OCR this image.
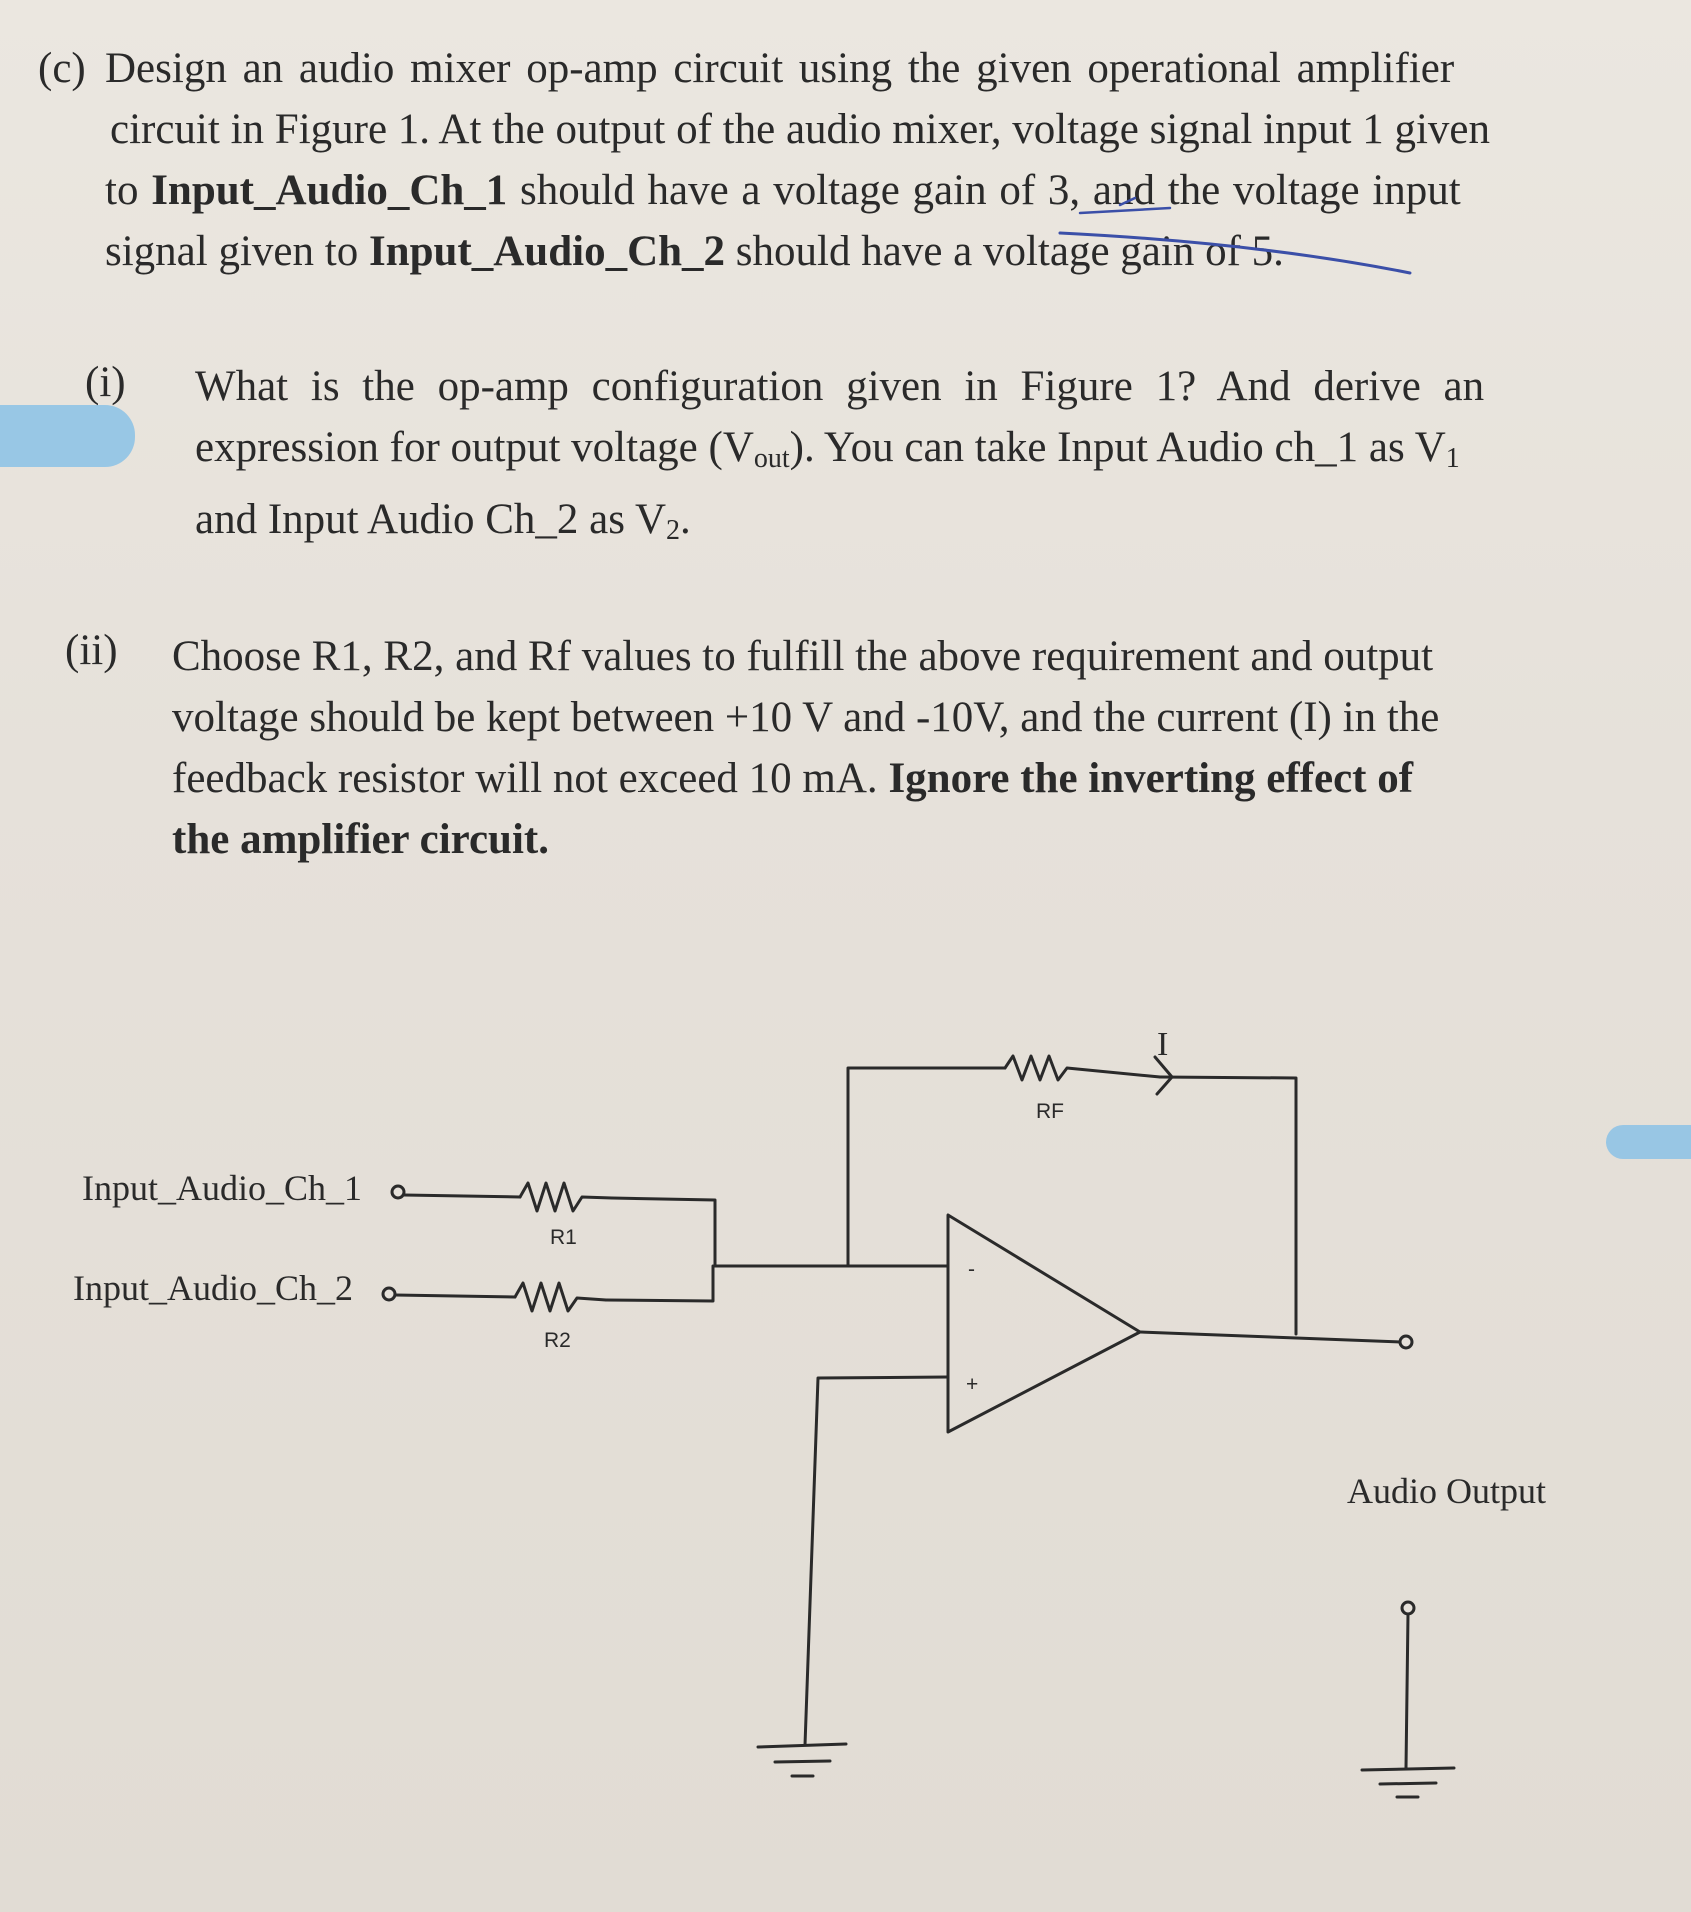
(c) Design an audio mixer op-amp circuit using the given operational amplifier
circuit in Figure 1. At the output of the audio mixer, voltage signal input 1 given
to Input_Audio_Ch_1 should have a voltage gain of 3, and the voltage input
signal given to Input_Audio_Ch_2 should have a voltage gain of 5.
(i) What is the op-amp configuration given in Figure 1? And derive an
expression for output voltage $(V_{out})$. You can take Input Audio ch_1 as $V_1$
and Input Audio Ch_2 as $V_2$.
(ii) Choose R1, R2, and Rf values to fulfill the above requirement and output
voltage should be kept between +10 V and -10V, and the current (I) in the
feedback resistor will not exceed 10 mA. Ignore the inverting effect of
the amplifier circuit.
Input_Audio_Ch_1
Input_Audio_Ch_2
R1
R2
RF
I
-
+
Audio Output
